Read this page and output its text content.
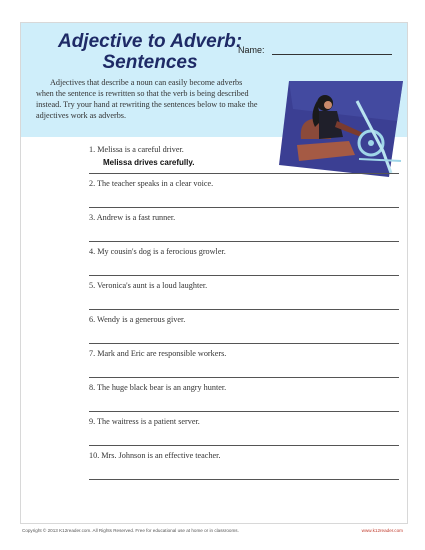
Adjective to Adverb:
Sentences
Name:
Adjectives that describe a noun can easily become adverbs when the sentence is rewritten so that the verb is being described instead. Try your hand at rewriting the sentences below to make the adjectives work as adverbs.
1. Melissa is a careful driver.
Melissa drives carefully.
2. The teacher speaks in a clear voice.
3. Andrew is a fast runner.
4. My cousin's dog is a ferocious growler.
5. Veronica's aunt is a loud laughter.
6. Wendy is a generous giver.
7. Mark and Eric are responsible workers.
8. The huge black bear is an angry hunter.
9. The waitress is a patient server.
10. Mrs. Johnson is an effective teacher.
Copyright © 2013 K12reader.com. All Rights Reserved. Free for educational use at home or in classrooms.	www.k12reader.com
